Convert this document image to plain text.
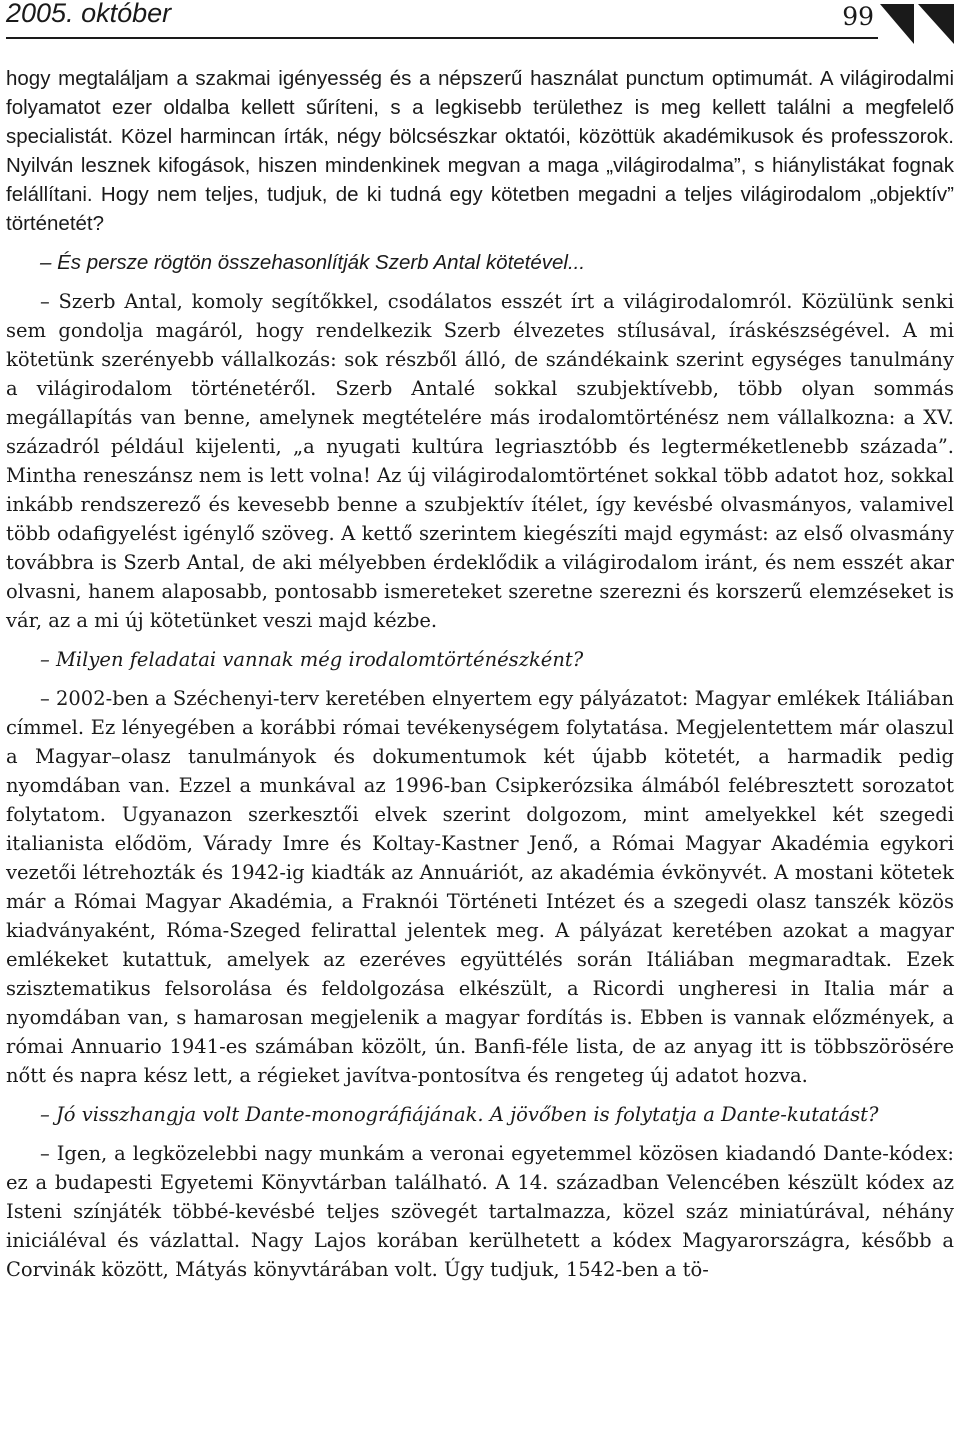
2005. október	99

hogy megtaláljam a szakmai igényesség és a népszerű használat punctum optimumát. A világirodalmi folyamatot ezer oldalba kellett sűríteni, s a legkisebb területhez is meg kellett találni a megfelelő specialistát. Közel harmincan írták, négy bölcsészkar oktatói, közöttük akadémikusok és professzorok. Nyilván lesznek kifogások, hiszen mindenkinek megvan a maga „világirodalma”, s hiánylistákat fognak felállítani. Hogy nem teljes, tudjuk, de ki tudná egy kötetben megadni a teljes világirodalom „objektív” történetét?

– És persze rögtön összehasonlítják Szerb Antal kötetével...

– Szerb Antal, komoly segítőkkel, csodálatos esszét írt a világirodalomról. Közülünk senki sem gondolja magáról, hogy rendelkezik Szerb élvezetes stílusával, íráskészségével. A mi kötetünk szerényebb vállalkozás: sok részből álló, de szándékaink szerint egységes tanulmány a világirodalom történetéről. Szerb Antalé sokkal szubjektívebb, több olyan sommás megállapítás van benne, amelynek megtételére más irodalomtörténész nem vállalkozna: a XV. századról például kijelenti, „a nyugati kultúra legriasztóbb és legterméketlenebb százada”. Mintha reneszánsz nem is lett volna! Az új világirodalomtörténet sokkal több adatot hoz, sokkal inkább rendszerező és kevesebb benne a szubjektív ítélet, így kevésbé olvasmányos, valamivel több odafigyelést igénylő szöveg. A kettő szerintem kiegészíti majd egymást: az első olvasmány továbbra is Szerb Antal, de aki mélyebben érdeklődik a világirodalom iránt, és nem esszét akar olvasni, hanem alaposabb, pontosabb ismereteket szeretne szerezni és korszerű elemzéseket is vár, az a mi új kötetünket veszi majd kézbe.

– Milyen feladatai vannak még irodalomtörténészként?

– 2002-ben a Széchenyi-terv keretében elnyertem egy pályázatot: Magyar emlékek Itáliában címmel. Ez lényegében a korábbi római tevékenységem folytatása. Megjelentettem már olaszul a Magyar–olasz tanulmányok és dokumentumok két újabb kötetét, a harmadik pedig nyomdában van. Ezzel a munkával az 1996-ban Csipkerózsika álmából felébresztett sorozatot folytatom. Ugyanazon szerkesztői elvek szerint dolgozom, mint amelyekkel két szegedi italianista elődöm, Várady Imre és Koltay-Kastner Jenő, a Római Magyar Akadémia egykori vezetői létrehozták és 1942-ig kiadták az Annuáriót, az akadémia évkönyvét. A mostani kötetek már a Római Magyar Akadémia, a Fraknói Történeti Intézet és a szegedi olasz tanszék közös kiadványaként, Róma-Szeged felirattal jelentek meg. A pályázat keretében azokat a magyar emlékeket kutattuk, amelyek az ezeréves együttélés során Itáliában megmaradtak. Ezek szisztematikus felsorolása és feldolgozása elkészült, a Ricordi ungheresi in Italia már a nyomdában van, s hamarosan megjelenik a magyar fordítás is. Ebben is vannak előzmények, a római Annuario 1941-es számában közölt, ún. Banfi-féle lista, de az anyag itt is többszörösére nőtt és napra kész lett, a régieket javítva-pontosítva és rengeteg új adatot hozva.

– Jó visszhangja volt Dante-monográfiájának. A jövőben is folytatja a Dante-kutatást?

– Igen, a legközelebbi nagy munkám a veronai egyetemmel közösen kiadandó Dante-kódex: ez a budapesti Egyetemi Könyvtárban található. A 14. században Velencében készült kódex az Isteni színjáték többé-kevésbé teljes szövegét tartalmazza, közel száz miniatúrával, néhány iniciáléval és vázlattal. Nagy Lajos korában kerülhetett a kódex Magyarországra, később a Corvinák között, Mátyás könyvtárában volt. Úgy tudjuk, 1542-ben a tö-
